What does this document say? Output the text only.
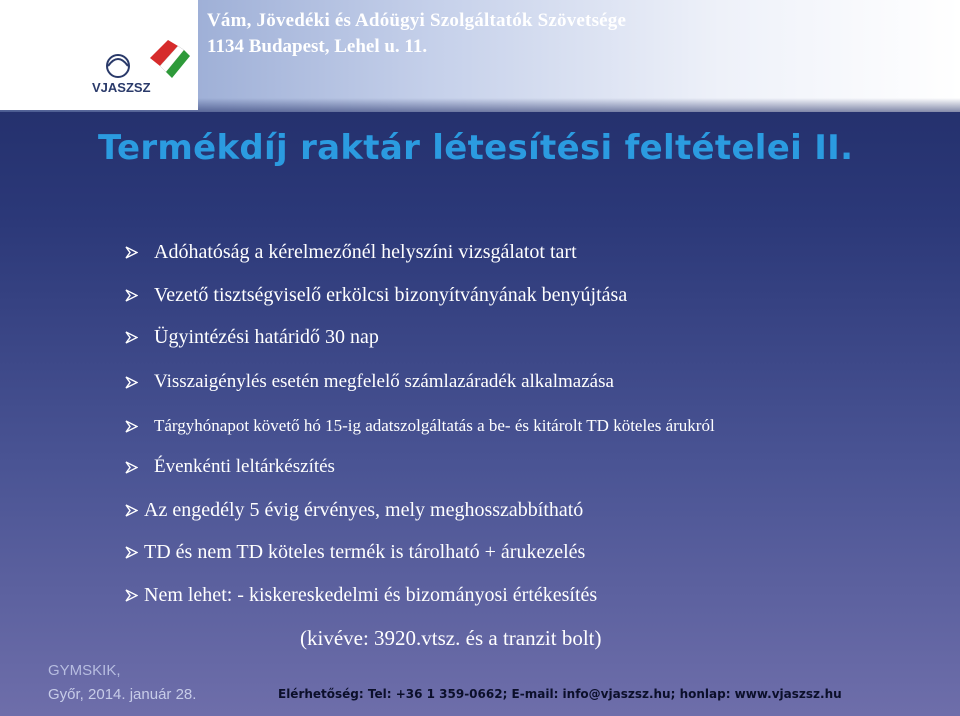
VJASZSZ
Vám, Jövedéki és Adóügyi Szolgáltatók Szövetsége
1134 Budapest, Lehel u. 11.
Termékdíj raktár létesítési feltételei II.
Adóhatóság a kérelmezőnél helyszíni vizsgálatot tart
Vezető tisztségviselő erkölcsi bizonyítványának benyújtása
Ügyintézési határidő 30 nap
Visszaigénylés esetén megfelelő számlazáradék alkalmazása
Tárgyhónapot követő hó 15-ig adatszolgáltatás a be- és kitárolt TD köteles árukról
Évenkénti leltárkészítés
Az engedély 5 évig érvényes, mely meghosszabbítható
TD és nem TD köteles termék is tárolható + árukezelés
Nem lehet: - kiskereskedelmi és bizományosi értékesítés
(kivéve: 3920.vtsz. és a tranzit bolt)
GYMSKIK,
Győr, 2014. január 28.	Elérhetőség: Tel: +36 1 359-0662; E-mail: info@vjaszsz.hu; honlap: www.vjaszsz.hu
